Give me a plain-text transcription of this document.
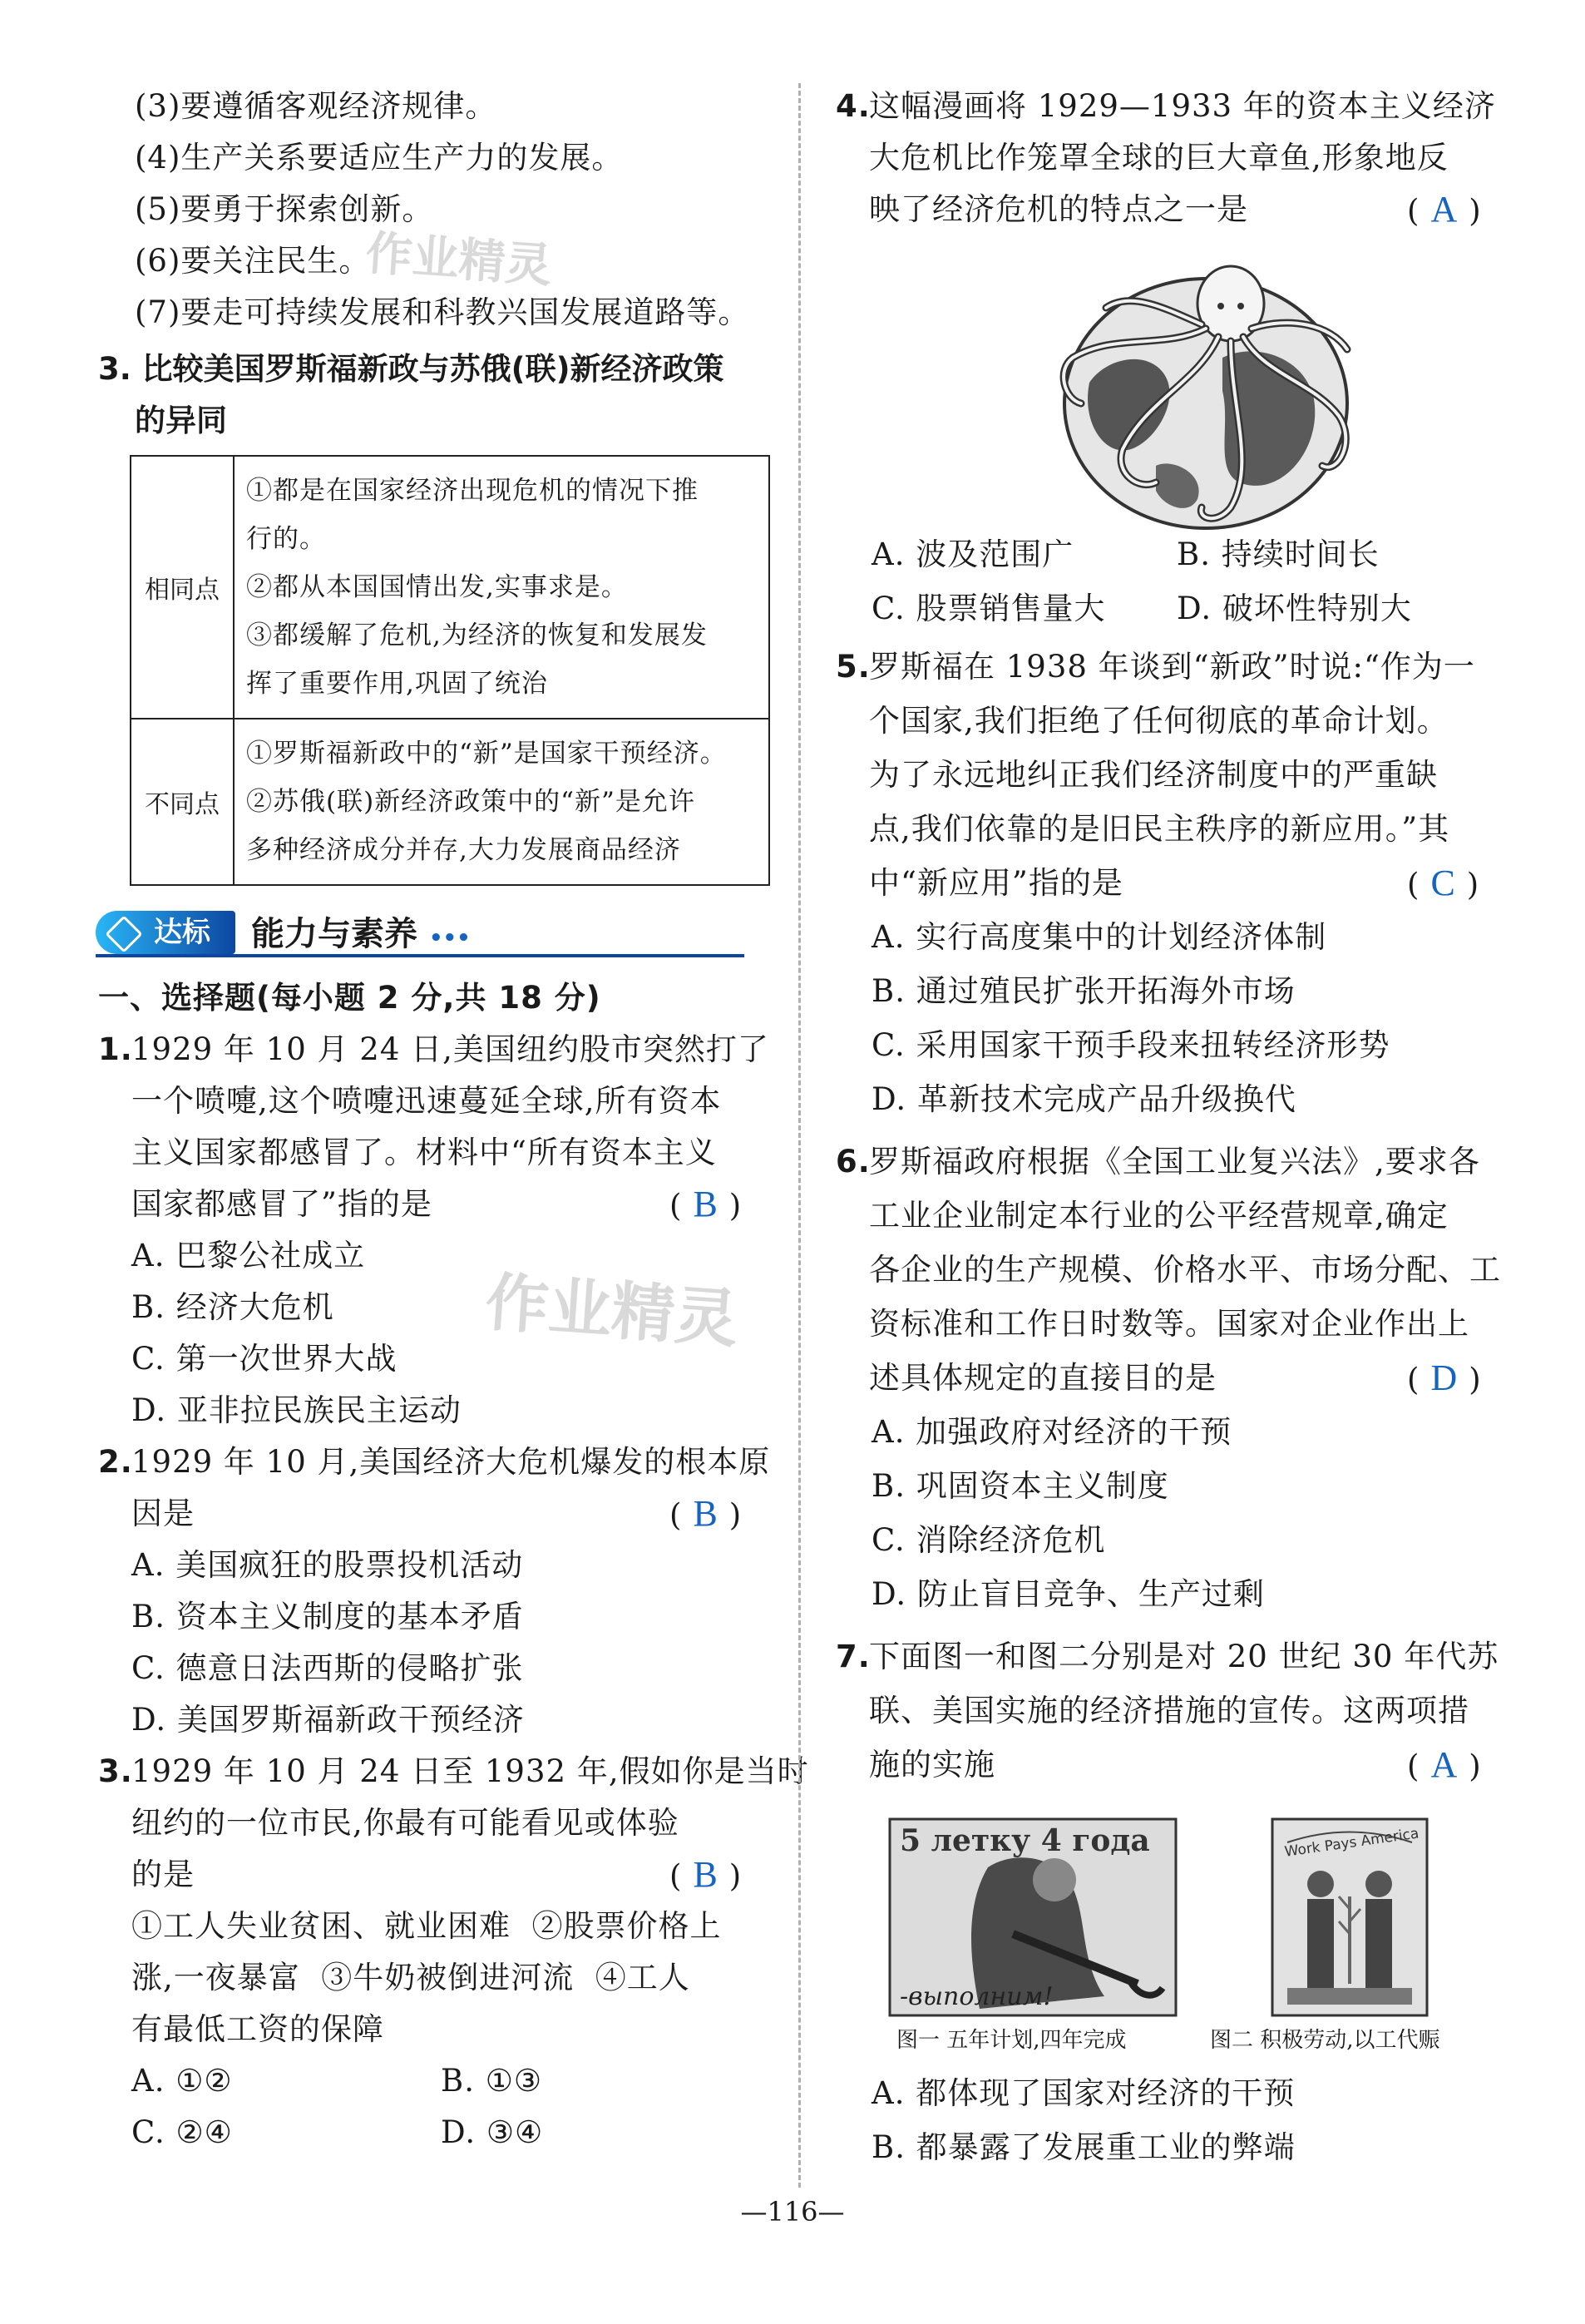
作业精灵
作业精灵
(3)要遵循客观经济规律。
(4)生产关系要适应生产力的发展。
(5)要勇于探索创新。
(6)要关注民生。
(7)要走可持续发展和科教兴国发展道路等。
3. 比较美国罗斯福新政与苏俄(联)新经济政策
的异同
相同点	①都是在国家经济出现危机的情况下推
行的。
②都从本国国情出发,实事求是。
③都缓解了危机,为经济的恢复和发展发
挥了重要作用,巩固了统治

不同点	①罗斯福新政中的“新”是国家干预经济。
②苏俄(联)新经济政策中的“新”是允许
多种经济成分并存,大力发展商品经济
达标 能力与素养 •••
一、选择题(每小题 2 分,共 18 分)
1.
1929 年 10 月 24 日,美国纽约股市突然打了
一个喷嚏,这个喷嚏迅速蔓延全球,所有资本
主义国家都感冒了。材料中“所有资本主义
国家都感冒了”指的是	( B )
A. 巴黎公社成立
B. 经济大危机
C. 第一次世界大战
D. 亚非拉民族民主运动
2.
1929 年 10 月,美国经济大危机爆发的根本原
因是	( B )
A. 美国疯狂的股票投机活动
B. 资本主义制度的基本矛盾
C. 德意日法西斯的侵略扩张
D. 美国罗斯福新政干预经济
3.
1929 年 10 月 24 日至 1932 年,假如你是当时
纽约的一位市民,你最有可能看见或体验
的是	( B )
①工人失业贫困、就业困难  ②股票价格上
涨,一夜暴富  ③牛奶被倒进河流  ④工人
有最低工资的保障
A. ①②	B. ①③
C. ②④	D. ③④
4.
这幅漫画将 1929—1933 年的资本主义经济
大危机比作笼罩全球的巨大章鱼,形象地反
映了经济危机的特点之一是	( A )
A. 波及范围广	B. 持续时间长
C. 股票销售量大 D. 破坏性特别大
5.
罗斯福在 1938 年谈到“新政”时说:“作为一
个国家,我们拒绝了任何彻底的革命计划。
为了永远地纠正我们经济制度中的严重缺
点,我们依靠的是旧民主秩序的新应用。”其
中“新应用”指的是	( C )
A. 实行高度集中的计划经济体制
B. 通过殖民扩张开拓海外市场
C. 采用国家干预手段来扭转经济形势
D. 革新技术完成产品升级换代
6.
罗斯福政府根据《全国工业复兴法》,要求各
工业企业制定本行业的公平经营规章,确定
各企业的生产规模、价格水平、市场分配、工
资标准和工作日时数等。国家对企业作出上
述具体规定的直接目的是	( D )
A. 加强政府对经济的干预
B. 巩固资本主义制度
C. 消除经济危机
D. 防止盲目竞争、生产过剩
7.
下面图一和图二分别是对 20 世纪 30 年代苏
联、美国实施的经济措施的宣传。这两项措
施的实施	( A )
5 летку 4 года
-выполним!
Work Pays America
图一 五年计划,四年完成	图二 积极劳动,以工代赈
A. 都体现了国家对经济的干预
B. 都暴露了发展重工业的弊端
—116—
